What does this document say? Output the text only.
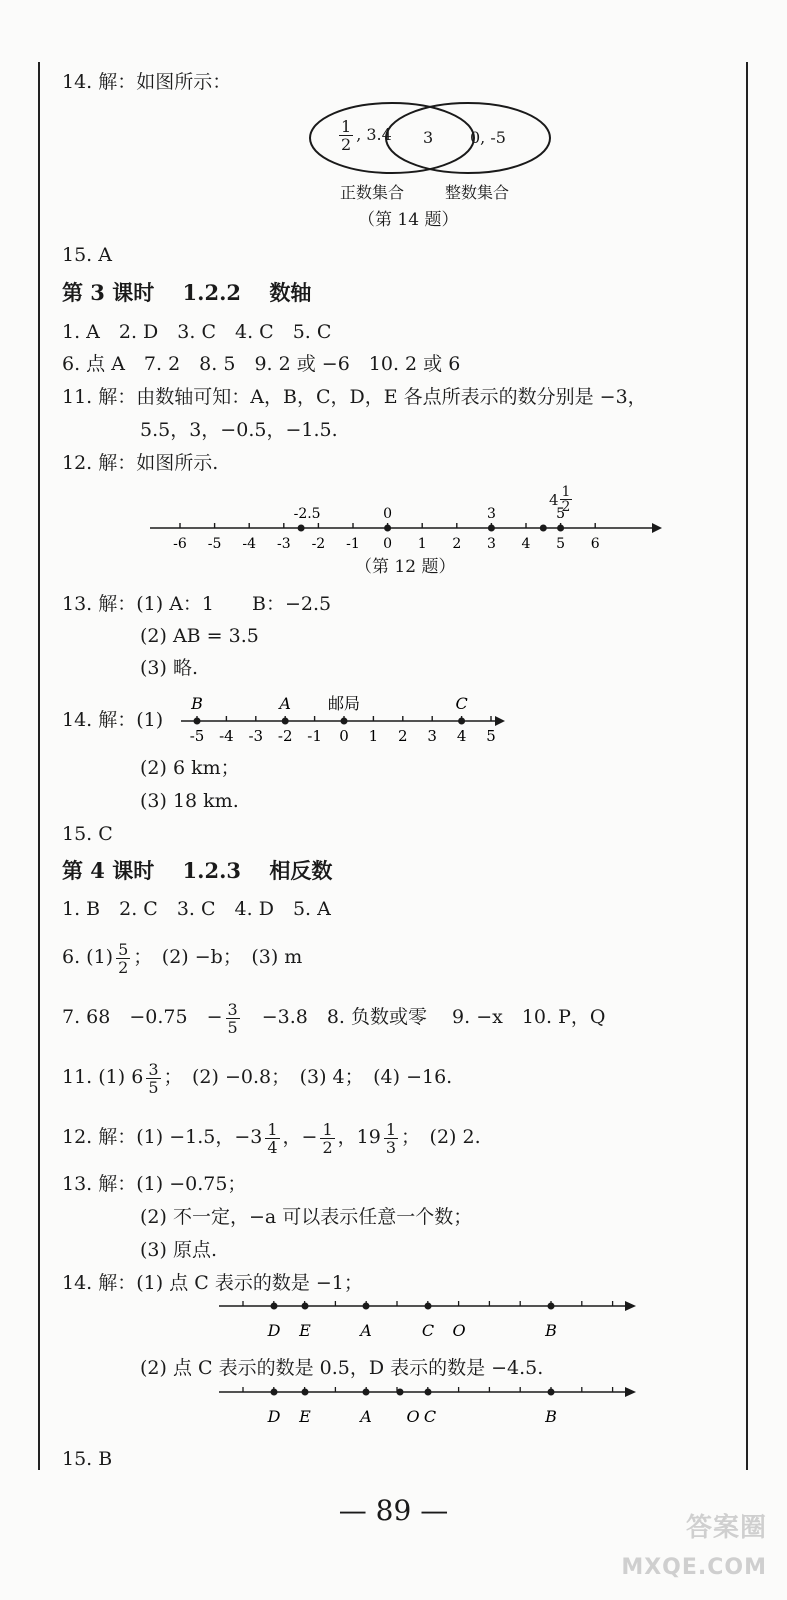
14. 解：如图所示：
$\frac{1}{2}$ , 3.4 3 0, -5
正数集合	整数集合
（第 14 题）
15. A
第 3 课时　 1.2.2　 数轴
1. A　2. D　3. C　4. C　5. C
6. 点 A　7. 2　8. 5　9. 2 或 −6　10. 2 或 6
11. 解：由数轴可知：A，B，C，D，E 各点所表示的数分别是 −3，
5.5，3，−0.5，−1.5.
12. 解：如图所示.
-6 -5 -4 -3 -2 -1 0 1 2 3 4 5 6
-2.5	0	3	5
$4 \frac{1}{2}$
（第 12 题）
13. 解：(1) A：1　　B：−2.5
(2) AB = 3.5
(3) 略.
14. 解：(1)
-5 -4 -3 -2 -1 0 1 2 3 4 5
B	A 邮局	C
(2) 6 km；
(3) 18 km.
15. C
第 4 课时　 1.2.3　 相反数
1. B　2. C　3. C　4. D　5. A
6. $(1) \frac{5}{2}$ ；　(2) −b；　(3) m
7. 68　−0.75　− $\frac{3}{5}$ 　−3.8　8. 负数或零　 9. −x　10. P，Q
11. (1) $6 \frac{3}{5}$ ；　(2) −0.8；　(3) 4；　(4) −16.
12. 解：(1) −1.5，$-3 \frac{1}{4}$ ，− $\frac{1}{2}$ ，$19 \frac{1}{3}$ ；　(2) 2.
13. 解：(1) −0.75；
(2) 不一定，−a 可以表示任意一个数；
(3) 原点.
14. 解：(1) 点 C 表示的数是 −1；
D E	A	C O	B
(2) 点 C 表示的数是 0.5，D 表示的数是 −4.5.
D E	A O C	B
15. B
— 89 —
答案圈
MXQE.COM
